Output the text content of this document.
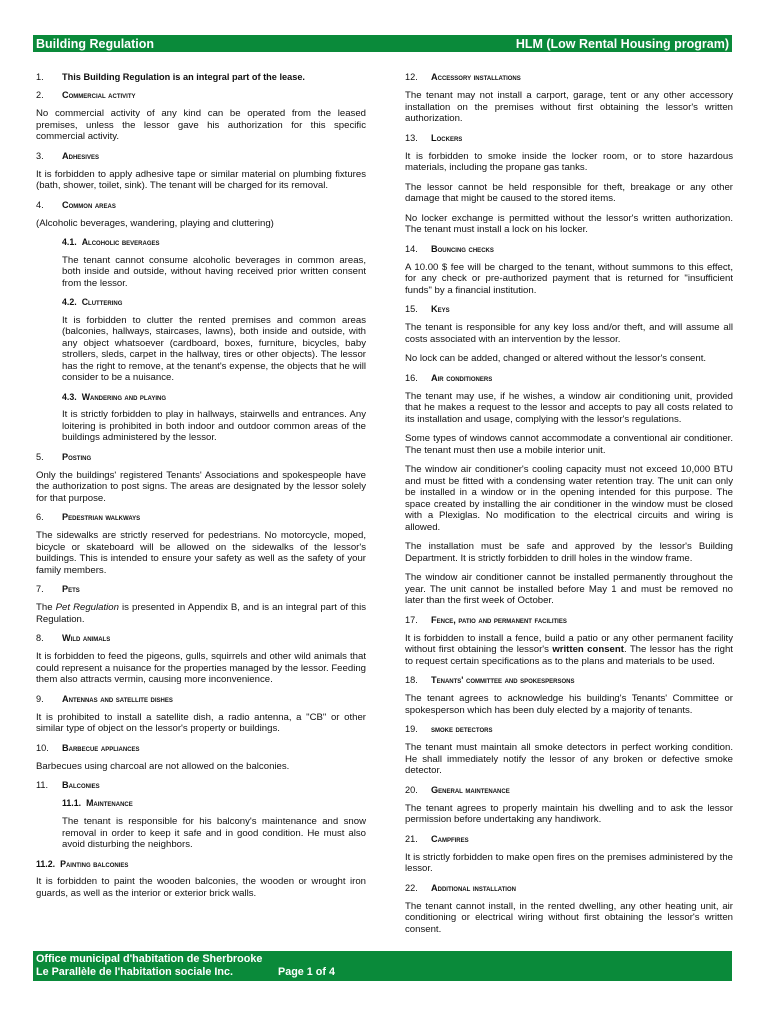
Building Regulation	HLM (Low Rental Housing program)
1.	This Building Regulation is an integral part of the lease.
2.	Commercial activity

No commercial activity of any kind can be operated from the leased premises, unless the lessor gave his authorization for this specific commercial activity.

3.	Adhesives

It is forbidden to apply adhesive tape or similar material on plumbing fixtures (bath, shower, toilet, sink). The tenant will be charged for its removal.

4.	Common areas

(Alcoholic beverages, wandering, playing and cluttering)

4.1. Alcoholic beverages

The tenant cannot consume alcoholic beverages in common areas, both inside and outside, without having received prior written consent from the lessor.

4.2. Cluttering

It is forbidden to clutter the rented premises and common areas (balconies, hallways, staircases, lawns), both inside and outside, with any object whatsoever (cardboard, boxes, furniture, bicycles, baby strollers, sleds, carpet in the hallway, tires or other objects). The lessor has the right to remove, at the tenant's expense, the objects that he will consider to be a nuisance.

4.3. Wandering and playing

It is strictly forbidden to play in hallways, stairwells and entrances. Any loitering is prohibited in both indoor and outdoor common areas of the buildings administered by the lessor.

5.	Posting

Only the buildings' registered Tenants' Associations and spokespeople have the authorization to post signs. The areas are designated by the lessor solely for that purpose.

6.	Pedestrian walkways

The sidewalks are strictly reserved for pedestrians. No motorcycle, moped, bicycle or skateboard will be allowed on the sidewalks of the lessor's buildings. This is intended to ensure your safety as well as the safety of your family members.

7.	Pets

The Pet Regulation is presented in Appendix B, and is an integral part of this Regulation.

8.	Wild animals

It is forbidden to feed the pigeons, gulls, squirrels and other wild animals that could represent a nuisance for the properties managed by the lessor. Feeding them also attracts vermin, causing more inconvenience.

9.	Antennas and satellite dishes

It is prohibited to install a satellite dish, a radio antenna, a "CB" or other similar type of object on the lessor's property or buildings.

10.	Barbecue appliances

Barbecues using charcoal are not allowed on the balconies.

11.	Balconies
11.1. Maintenance

The tenant is responsible for his balcony's maintenance and snow removal in order to keep it safe and in good condition. He must also avoid disturbing the neighbors.

11.2. Painting balconies

It is forbidden to paint the wooden balconies, the wooden or wrought iron guards, as well as the interior or exterior brick walls.

12.	Accessory installations

The tenant may not install a carport, garage, tent or any other accessory installation on the premises without first obtaining the lessor's written authorization.

13.	Lockers

It is forbidden to smoke inside the locker room, or to store hazardous materials, including the propane gas tanks.

The lessor cannot be held responsible for theft, breakage or any other damage that might be caused to the stored items.

No locker exchange is permitted without the lessor's written authorization. The tenant must install a lock on his locker.

14.	Bouncing checks

A 10.00 $ fee will be charged to the tenant, without summons to this effect, for any check or pre-authorized payment that is returned for "insufficient funds" by a financial institution.

15.	Keys

The tenant is responsible for any key loss and/or theft, and will assume all costs associated with an intervention by the lessor.

No lock can be added, changed or altered without the lessor's consent.

16.	Air conditioners

The tenant may use, if he wishes, a window air conditioning unit, provided that he makes a request to the lessor and accepts to pay all costs related to its installation and usage, complying with the lessor's regulations.

Some types of windows cannot accommodate a conventional air conditioner. The tenant must then use a mobile interior unit.

The window air conditioner's cooling capacity must not exceed 10,000 BTU and must be fitted with a condensing water retention tray. The unit can only be installed in a window or in the opening intended for this purpose. The space created by installing the air conditioner in the window must be closed with a Plexiglas. No modification to the electrical circuits and wiring is allowed.

The installation must be safe and approved by the lessor's Building Department. It is strictly forbidden to drill holes in the window frame.

The window air conditioner cannot be installed permanently throughout the year. The unit cannot be installed before May 1 and must be removed no later than the first week of October.

17.	Fence, patio and permanent facilities

It is forbidden to install a fence, build a patio or any other permanent facility without first obtaining the lessor's written consent. The lessor has the right to request certain specifications as to the plans and materials to be used.

18.	Tenants' committee and spokespersons

The tenant agrees to acknowledge his building's Tenants' Committee or spokesperson which has been duly elected by a majority of tenants.

19.	smoke detectors

The tenant must maintain all smoke detectors in perfect working condition. He shall immediately notify the lessor of any broken or defective smoke detector.

20.	General maintenance

The tenant agrees to properly maintain his dwelling and to ask the lessor permission before undertaking any handiwork.

21.	Campfires

It is strictly forbidden to make open fires on the premises administered by the lessor.

22.	Additional installation

The tenant cannot install, in the rented dwelling, any other heating unit, air conditioning or electrical wiring without first obtaining the lessor's written consent.

Office municipal d'habitation de Sherbrooke
Le Parallèle de l'habitation sociale Inc.	Page 1 of 4
